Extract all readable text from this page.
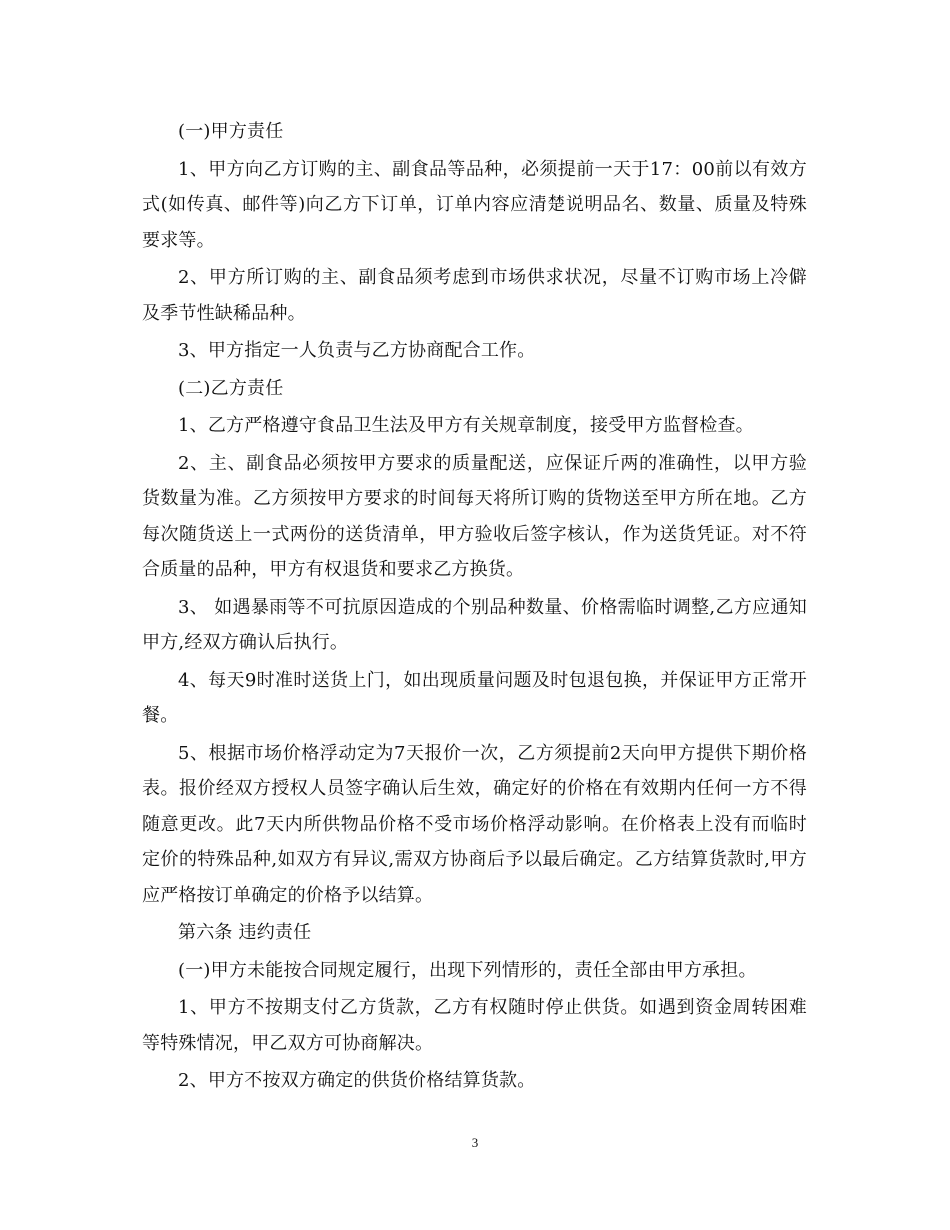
(一)甲方责任

1、甲方向乙方订购的主、副食品等品种，必须提前一天于17：00前以有效方式(如传真、邮件等)向乙方下订单，订单内容应清楚说明品名、数量、质量及特殊要求等。

2、甲方所订购的主、副食品须考虑到市场供求状况，尽量不订购市场上冷僻及季节性缺稀品种。

3、甲方指定一人负责与乙方协商配合工作。

(二)乙方责任

1、乙方严格遵守食品卫生法及甲方有关规章制度，接受甲方监督检查。

2、主、副食品必须按甲方要求的质量配送，应保证斤两的准确性，以甲方验货数量为准。乙方须按甲方要求的时间每天将所订购的货物送至甲方所在地。乙方每次随货送上一式两份的送货清单，甲方验收后签字核认，作为送货凭证。对不符合质量的品种，甲方有权退货和要求乙方换货。

3、 如遇暴雨等不可抗原因造成的个别品种数量、价格需临时调整,乙方应通知甲方,经双方确认后执行。

4、每天9时准时送货上门，如出现质量问题及时包退包换，并保证甲方正常开餐。

5、根据市场价格浮动定为7天报价一次，乙方须提前2天向甲方提供下期价格表。报价经双方授权人员签字确认后生效，确定好的价格在有效期内任何一方不得随意更改。此7天内所供物品价格不受市场价格浮动影响。在价格表上没有而临时定价的特殊品种,如双方有异议,需双方协商后予以最后确定。乙方结算货款时,甲方应严格按订单确定的价格予以结算。

第六条 违约责任

(一)甲方未能按合同规定履行，出现下列情形的，责任全部由甲方承担。

1、甲方不按期支付乙方货款，乙方有权随时停止供货。如遇到资金周转困难等特殊情况，甲乙双方可协商解决。

2、甲方不按双方确定的供货价格结算货款。

3
